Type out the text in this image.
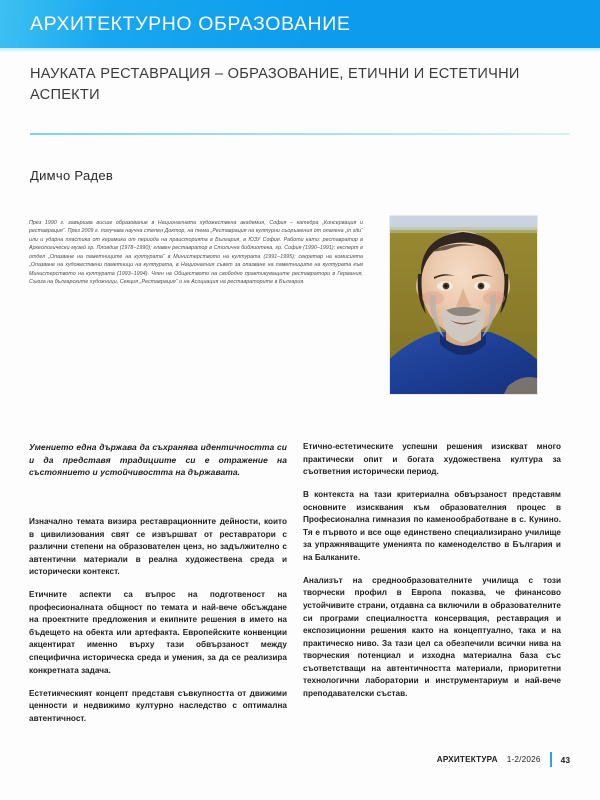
АРХИТЕКТУРНО ОБРАЗОВАНИЕ
НАУКАТА РЕСТАВРАЦИЯ – ОБРАЗОВАНИЕ, ЕТИЧНИ И ЕСТЕТИЧНИ АСПЕКТИ
Димчо Радев
През 1990 г. завършва висше образование в Националната художествена академия, София – катедра „Консервация и реставрация“. През 2009 г. получава научна степен Доктор, на тема „Реставрация на културни съоръжения от опалена „in situ“ или и ударна пластика от керамика от периода на праисторията в България, в ЮЗУ София. Работи като: реставратор в Археологически музей гр. Пловдив (1978–1990); главен реставратор в Столична библиотека, гр. София (1990–1991); експерт в отдел „Опазване на паметниците на културата“ в Министерството на културата (1991–1995); секретар на комисията „Опазване на художествени паметници на културата, в Националния съвет за опазване на паметниците на културата към Министерството на културата (1993–1994). Член на Обществото на свободно практикуващите реставратори в Германия, Съюза на българските художници, Секция „Реставрация“ и на Асоциация на реставраторите в България.
Умението една държава да съхранява идентичността си и да представя традициите си е отражение на състоянието и устойчивостта на държавата.

Изначално темата визира реставрационните дейности, които в цивилизования свят се извършват от реставратори с различни степени на образователен ценз, но задължително с автентични материали в реална художествена среда и исторически контекст.

Етичните аспекти са въпрос на подготвеност на професионалната общност по темата и най-вече обсъждане на проектните предложения и екипните решения в името на бъдещето на обекта или артефакта. Европейските конвенции акцентират именно върху тази обвързаност между специфична историческа среда и умения, за да се реализира конкретната задача.

Естетикческият концепт представя съвкупността от движими ценности и недвижимо културно наследство с оптимална автентичност.

Етично-естетическите успешни решения изискват много практически опит и богата художествена култура за съответния исторически период.

В контекста на тази критериална обвързаност представям основните изисквания към образователния процес в Професионална гимназия по каменообработване в с. Кунино. Тя е първото и все още единствено специализирано училище за упражняващите уменията по каменоделство в България и на Балканите.

Анализът на среднообразователните училища с този творчески профил в Европа показва, че финансово устойчивите страни, отдавна са включили в образователните си програми специалността консервация, реставрация и експозиционни решения както на концептуално, така и на практическо ниво. За тази цел са обезпечили всички нива на творческия потенциал и изходна материална база със съответстващи на автентичността материали, приоритетни технологични лаборатории и инструментариум и най-вече преподавателски състав.

АРХИТЕКТУРА 1-2/2026 43
